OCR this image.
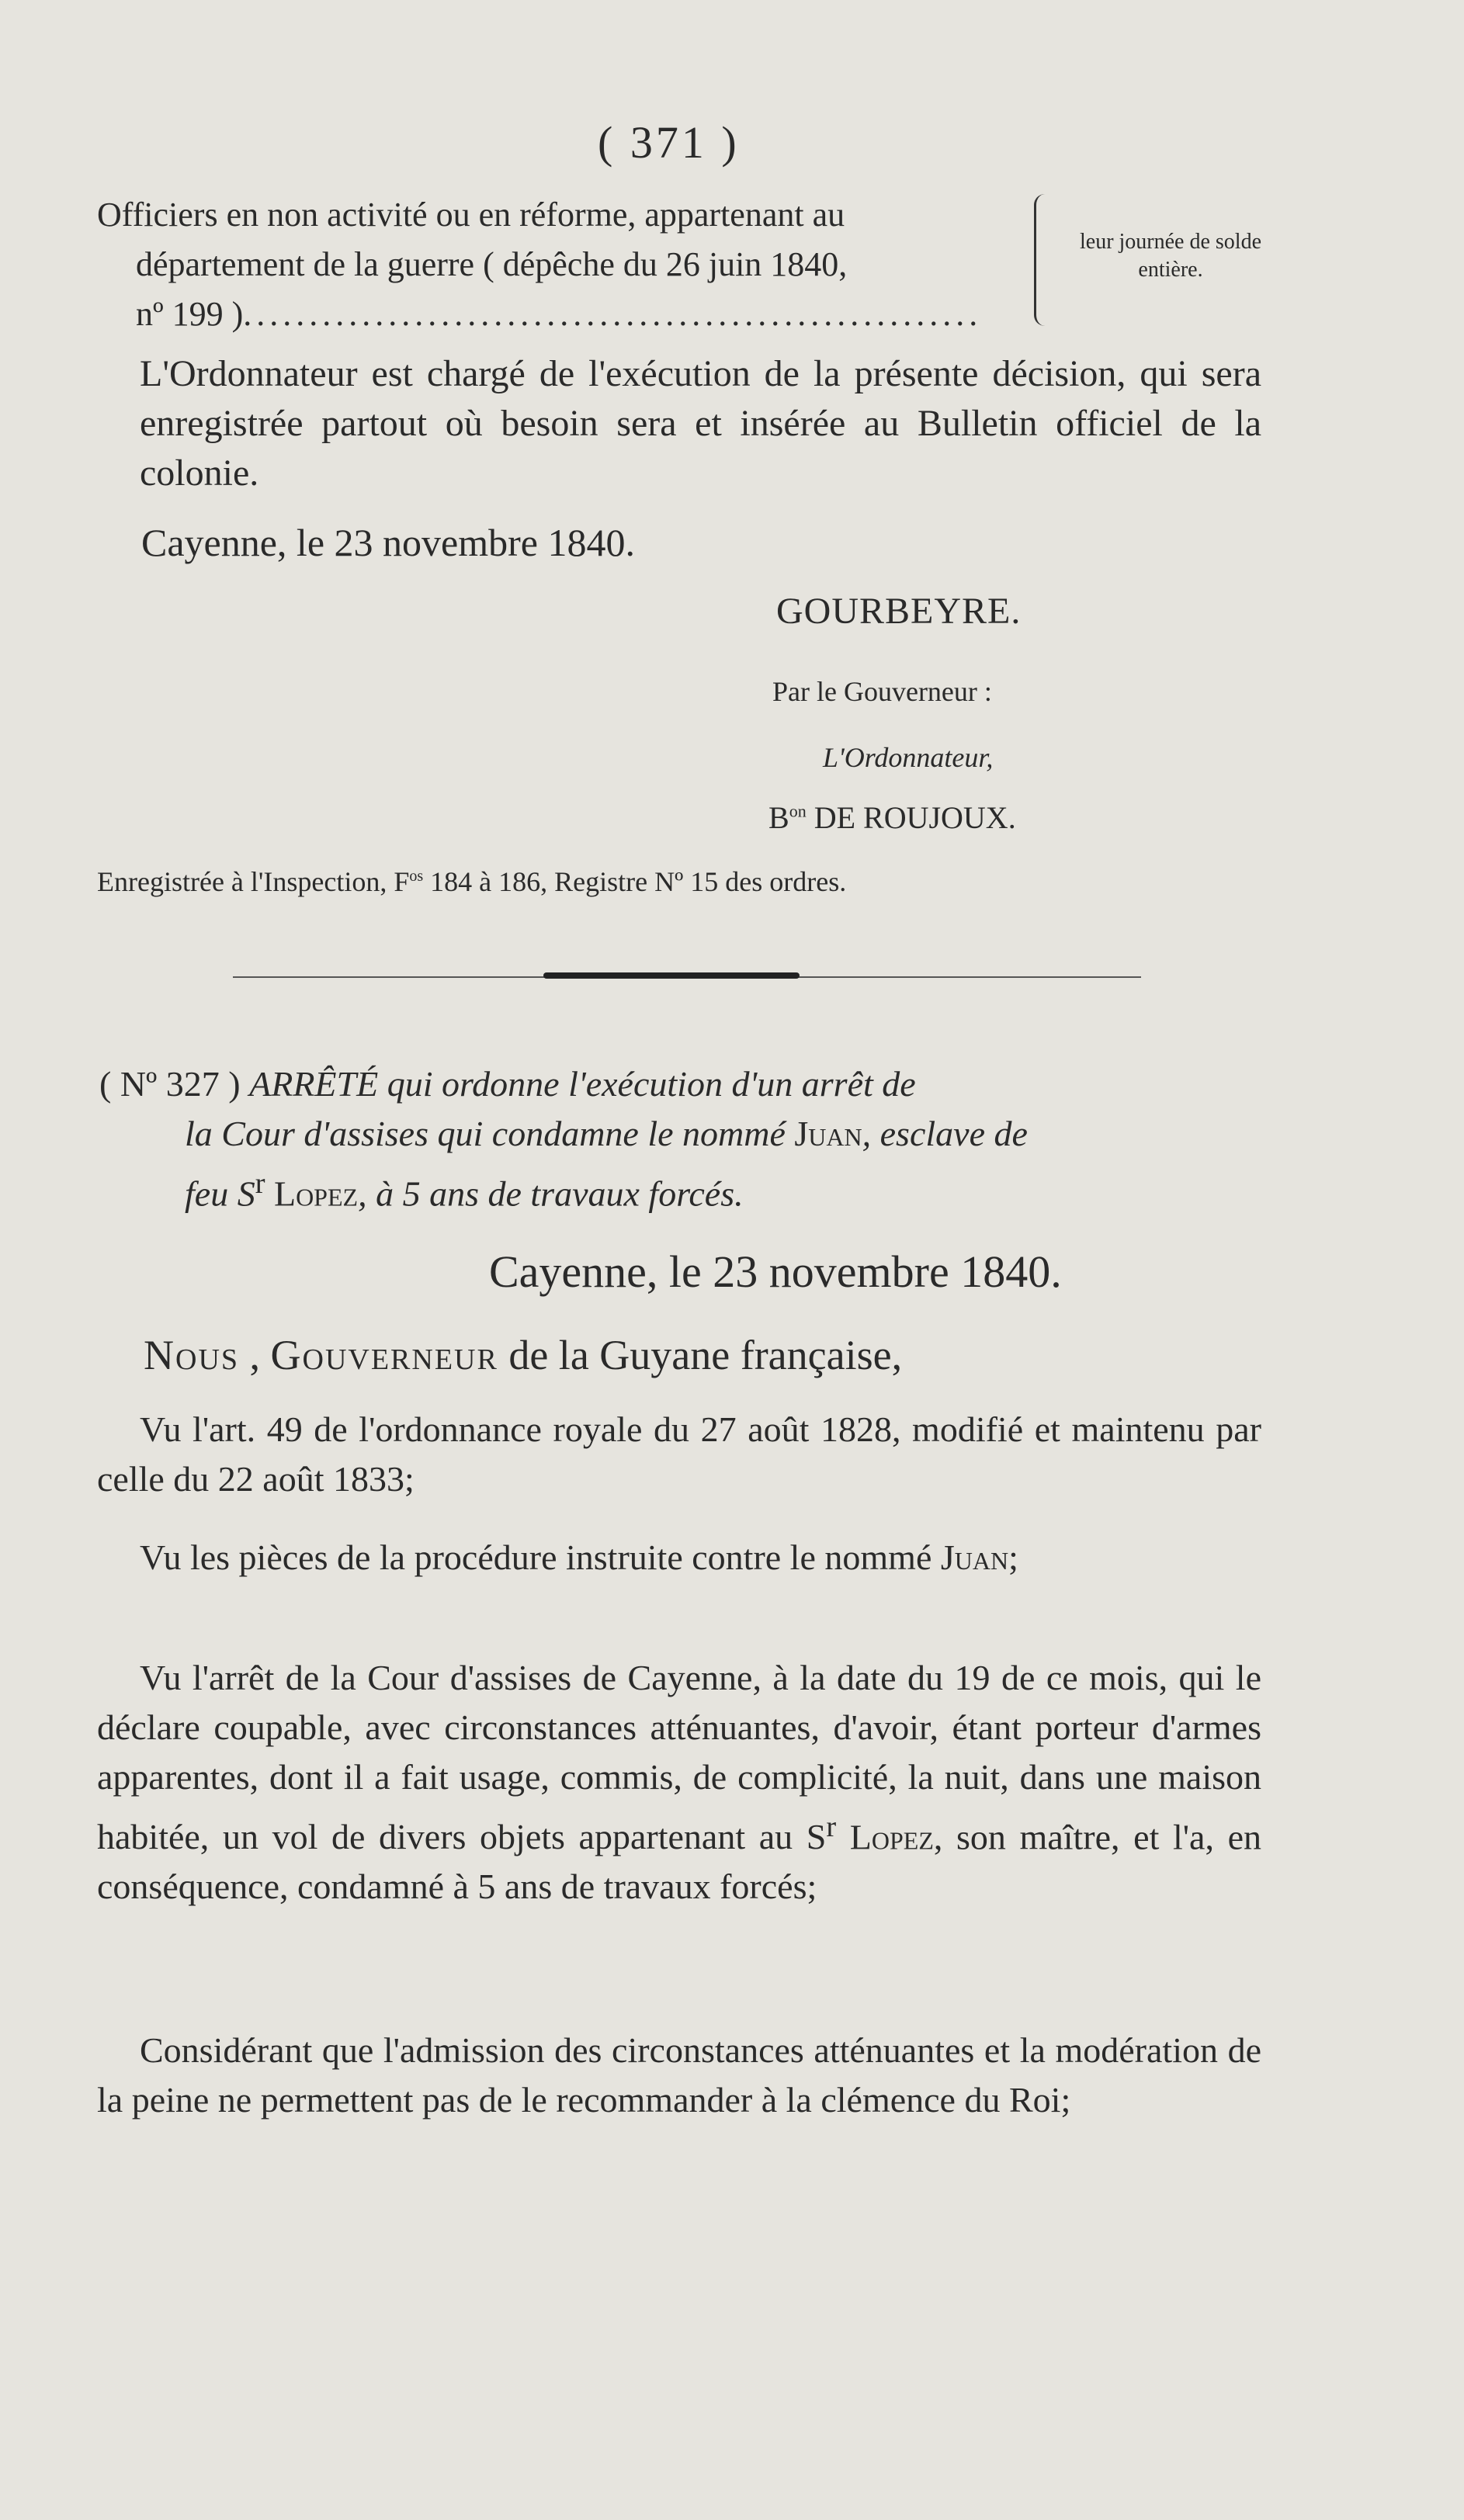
( 371 )
Officiers en non activité ou en réforme, appartenant au
département de la guerre ( dépêche du 26 juin 1840,
nº 199 )........................................................
leur journée de solde entière.
L'Ordonnateur est chargé de l'exécution de la présente décision, qui sera enregistrée partout où besoin sera et insérée au Bulletin officiel de la colonie.
Cayenne, le 23 novembre 1840.
GOURBEYRE.
Par le Gouverneur :
L'Ordonnateur,
$B^{on}$ DE ROUJOUX.
Enregistrée à l'Inspection, $F^{os}$ 184 à 186, Registre Nº 15 des ordres.
( Nº 327 ) ARRÊTÉ qui ordonne l'exécution d'un arrêt de
la Cour d'assises qui condamne le nommé Juan, esclave de
feu $S^r$ Lopez, à 5 ans de travaux forcés.
Cayenne, le 23 novembre 1840.
Nous , Gouverneur de la Guyane française,
Vu l'art. 49 de l'ordonnance royale du 27 août 1828, modifié et maintenu par celle du 22 août 1833;
Vu les pièces de la procédure instruite contre le nommé Juan;
Vu l'arrêt de la Cour d'assises de Cayenne, à la date du 19 de ce mois, qui le déclare coupable, avec circonstances atténuantes, d'avoir, étant porteur d'armes apparentes, dont il a fait usage, commis, de complicité, la nuit, dans une maison habitée, un vol de divers objets appartenant au $S^r$ Lopez, son maître, et l'a, en conséquence, condamné à 5 ans de travaux forcés;
Considérant que l'admission des circonstances atténuantes et la modération de la peine ne permettent pas de le recommander à la clémence du Roi;
